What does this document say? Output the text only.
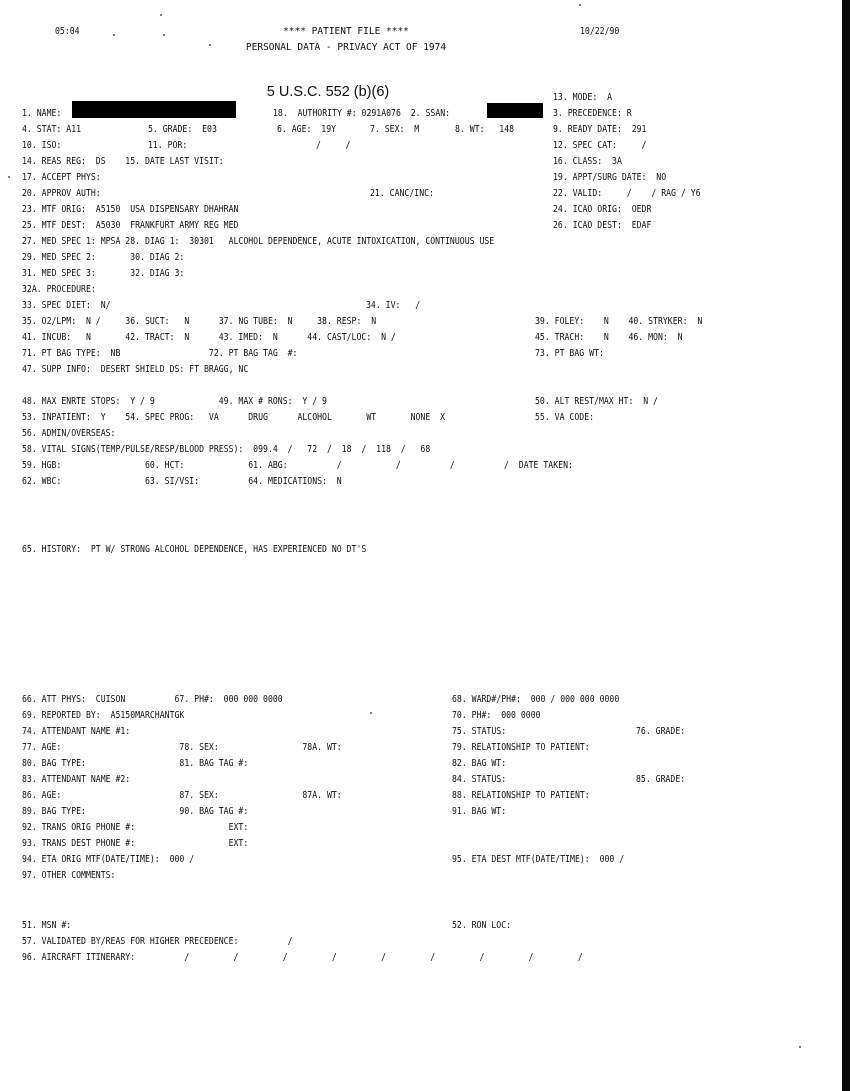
05:04	**** PATIENT FILE ****
PERSONAL DATA - PRIVACY ACT OF 1974
10/22/90
5 U.S.C. 552 (b)(6)	13. MODE:  A
1. NAME:	18.  AUTHORITY #: 0291A076  2. SSAN:	3. PRECEDENCE: R
4. STAT: A11	5. GRADE:  E03	6. AGE:  19Y	7. SEX:  M	8. WT:   148	9. READY DATE:  291
10. ISO:	11. POR:	/     /	12. SPEC CAT:     /
14. REAS REG:  DS    15. DATE LAST VISIT:	16. CLASS:  3A
17. ACCEPT PHYS:	19. APPT/SURG DATE:  NO
20. APPROV AUTH:	21. CANC/INC:	22. VALID:     /    / RAG / Y6
23. MTF ORIG:  A5150  USA DISPENSARY DHAHRAN	24. ICAO ORIG:  OEDR
25. MTF DEST:  A5030  FRANKFURT ARMY REG MED	26. ICAO DEST:  EDAF
27. MED SPEC 1: MPSA 28. DIAG 1:  30301   ALCOHOL DEPENDENCE, ACUTE INTOXICATION, CONTINUOUS USE
29. MED SPEC 2:       30. DIAG 2:
31. MED SPEC 3:       32. DIAG 3:
32A. PROCEDURE:
33. SPEC DIET:  N/	34. IV:   /
35. O2/LPM:  N /     36. SUCT:   N      37. NG TUBE:  N     38. RESP:  N	39. FOLEY:    N    40. STRYKER:  N
41. INCUB:   N       42. TRACT:  N      43. IMED:  N      44. CAST/LOC:  N /	45. TRACH:    N    46. MON:  N
71. PT BAG TYPE:  NB                  72. PT BAG TAG  #:	73. PT BAG WT:
47. SUPP INFO:  DESERT SHIELD DS: FT BRAGG, NC
48. MAX ENRTE STOPS:  Y / 9             49. MAX # RONS:  Y / 9	50. ALT REST/MAX HT:  N /
53. INPATIENT:  Y    54. SPEC PROG:   VA      DRUG      ALCOHOL       WT       NONE  X	55. VA CODE:
56. ADMIN/OVERSEAS:
58. VITAL SIGNS(TEMP/PULSE/RESP/BLOOD PRESS):  099.4  /   72  /  18  /  118  /   68
59. HGB:                 60. HCT:             61. ABG:          /           /          /          /  DATE TAKEN:
62. WBC:                 63. SI/VSI:          64. MEDICATIONS:  N
65. HISTORY:  PT W/ STRONG ALCOHOL DEPENDENCE, HAS EXPERIENCED NO DT'S
66. ATT PHYS:  CUISON          67. PH#:  000 000 0000	68. WARD#/PH#:  000 / 000 000 0000
69. REPORTED BY:  A5150MARCHANTGK	70. PH#:  000 0000
74. ATTENDANT NAME #1:	75. STATUS:	76. GRADE:
77. AGE:                        78. SEX:                 78A. WT:	79. RELATIONSHIP TO PATIENT:
80. BAG TYPE:                   81. BAG TAG #:	82. BAG WT:
83. ATTENDANT NAME #2:	84. STATUS:	85. GRADE:
86. AGE:                        87. SEX:                 87A. WT:	88. RELATIONSHIP TO PATIENT:
89. BAG TYPE:                   90. BAG TAG #:	91. BAG WT:
92. TRANS ORIG PHONE #:                   EXT:
93. TRANS DEST PHONE #:                   EXT:
94. ETA ORIG MTF(DATE/TIME):  000 /	95. ETA DEST MTF(DATE/TIME):  000 /
97. OTHER COMMENTS:
51. MSN #:	52. RON LOC:
57. VALIDATED BY/REAS FOR HIGHER PRECEDENCE:          /
96. AIRCRAFT ITINERARY:          /         /         /         /         /         /         /         /         /
